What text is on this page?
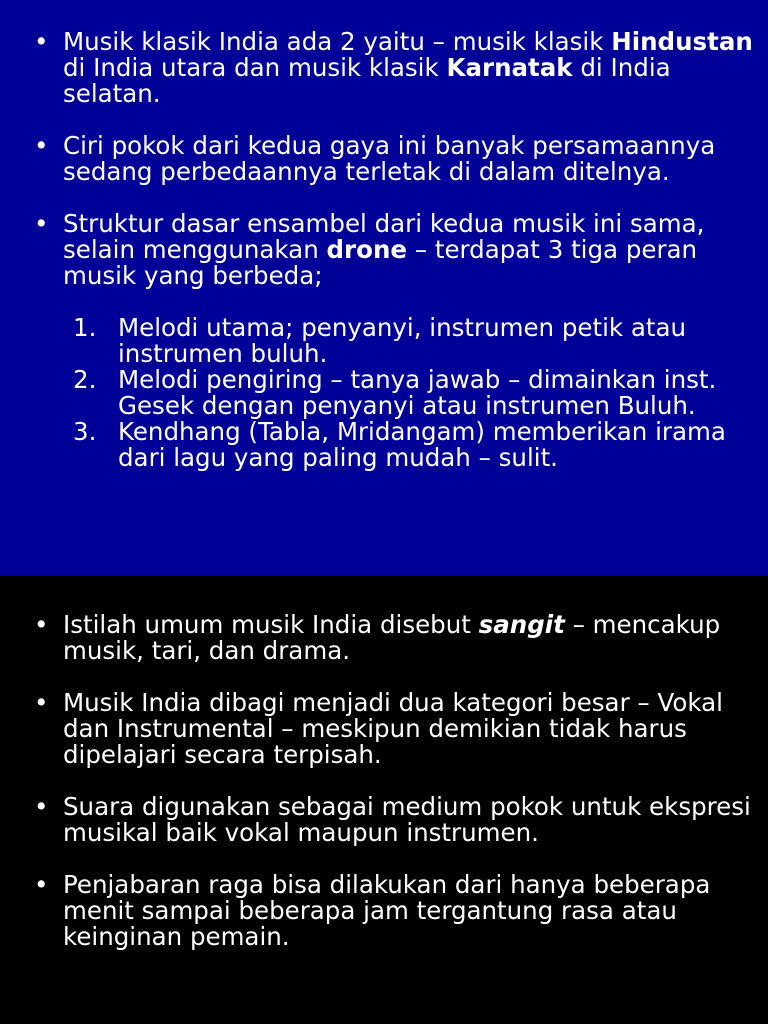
• Musik klasik India ada 2 yaitu – musik klasik Hindustan di India utara dan musik klasik Karnatak di India selatan.
• Ciri pokok dari kedua gaya ini banyak persamaannya sedang perbedaannya terletak di dalam ditelnya.
• Struktur dasar ensambel dari kedua musik ini sama, selain menggunakan drone – terdapat 3 tiga peran musik yang berbeda;
1. Melodi utama; penyanyi, instrumen petik atau instrumen buluh.
2. Melodi pengiring – tanya jawab – dimainkan inst. Gesek dengan penyanyi atau instrumen Buluh.
3. Kendhang (Tabla, Mridangam) memberikan irama dari lagu yang paling mudah – sulit.
• Istilah umum musik India disebut sangit – mencakup musik, tari, dan drama.
• Musik India dibagi menjadi dua kategori besar – Vokal dan Instrumental – meskipun demikian tidak harus dipelajari secara terpisah.
• Suara digunakan sebagai medium pokok untuk ekspresi musikal baik vokal maupun instrumen.
• Penjabaran raga bisa dilakukan dari hanya beberapa menit sampai beberapa jam tergantung rasa atau keinginan pemain.
